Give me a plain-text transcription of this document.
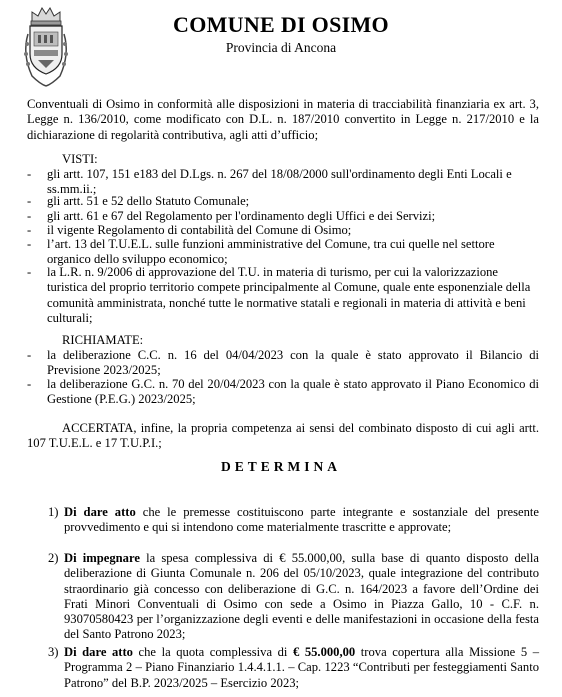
COMUNE DI OSIMO
Provincia di Ancona
Conventuali di Osimo in conformità alle disposizioni in materia di tracciabilità finanziaria ex art. 3, Legge n. 136/2010, come modificato con D.L. n. 187/2010 convertito in Legge n. 217/2010 e la dichiarazione di regolarità contributiva, agli atti d’ufficio;
VISTI:
- gli artt. 107, 151 e183 del D.Lgs. n. 267 del 18/08/2000 sull'ordinamento degli Enti Locali e ss.mm.ii.;
- gli artt. 51 e 52 dello Statuto Comunale;
- gli artt. 61 e 67 del Regolamento per l'ordinamento degli Uffici e dei Servizi;
- il vigente Regolamento di contabilità del Comune di Osimo;
- l’art. 13 del T.U.E.L. sulle funzioni amministrative del Comune, tra cui quelle nel settore organico dello sviluppo economico;
- la L.R. n. 9/2006 di approvazione del T.U. in materia di turismo, per cui la valorizzazione turistica del proprio territorio compete principalmente al Comune, quale ente esponenziale della comunità amministrata, nonché tutte le normative statali e regionali in materia di attività e beni culturali;
RICHIAMATE:
- la deliberazione C.C. n. 16 del 04/04/2023 con la quale è stato approvato il Bilancio di Previsione 2023/2025;
- la deliberazione G.C. n. 70 del 20/04/2023 con la quale è stato approvato il Piano Economico di Gestione (P.E.G.) 2023/2025;
ACCERTATA, infine, la propria competenza ai sensi del combinato disposto di cui agli artt. 107 T.U.E.L. e 17 T.U.P.I.;
DETERMINA
1) Di dare atto che le premesse costituiscono parte integrante e sostanziale del presente provvedimento e qui si intendono come materialmente trascritte e approvate;
2) Di impegnare la spesa complessiva di € 55.000,00, sulla base di quanto disposto della deliberazione di Giunta Comunale n. 206 del 05/10/2023, quale integrazione del contributo straordinario già concesso con deliberazione di G.C. n. 164/2023 a favore dell’Ordine dei Frati Minori Conventuali di Osimo con sede a Osimo in Piazza Gallo, 10 - C.F. n. 93070580423 per l’organizzazione degli eventi e delle manifestazioni in occasione della festa del Santo Patrono 2023;
3) Di dare atto che la quota complessiva di € 55.000,00 trova copertura alla Missione 5 – Programma 2 – Piano Finanziario 1.4.4.1.1. – Cap. 1223 “Contributi per festeggiamenti Santo Patrono” del B.P. 2023/2025 – Esercizio 2023;
